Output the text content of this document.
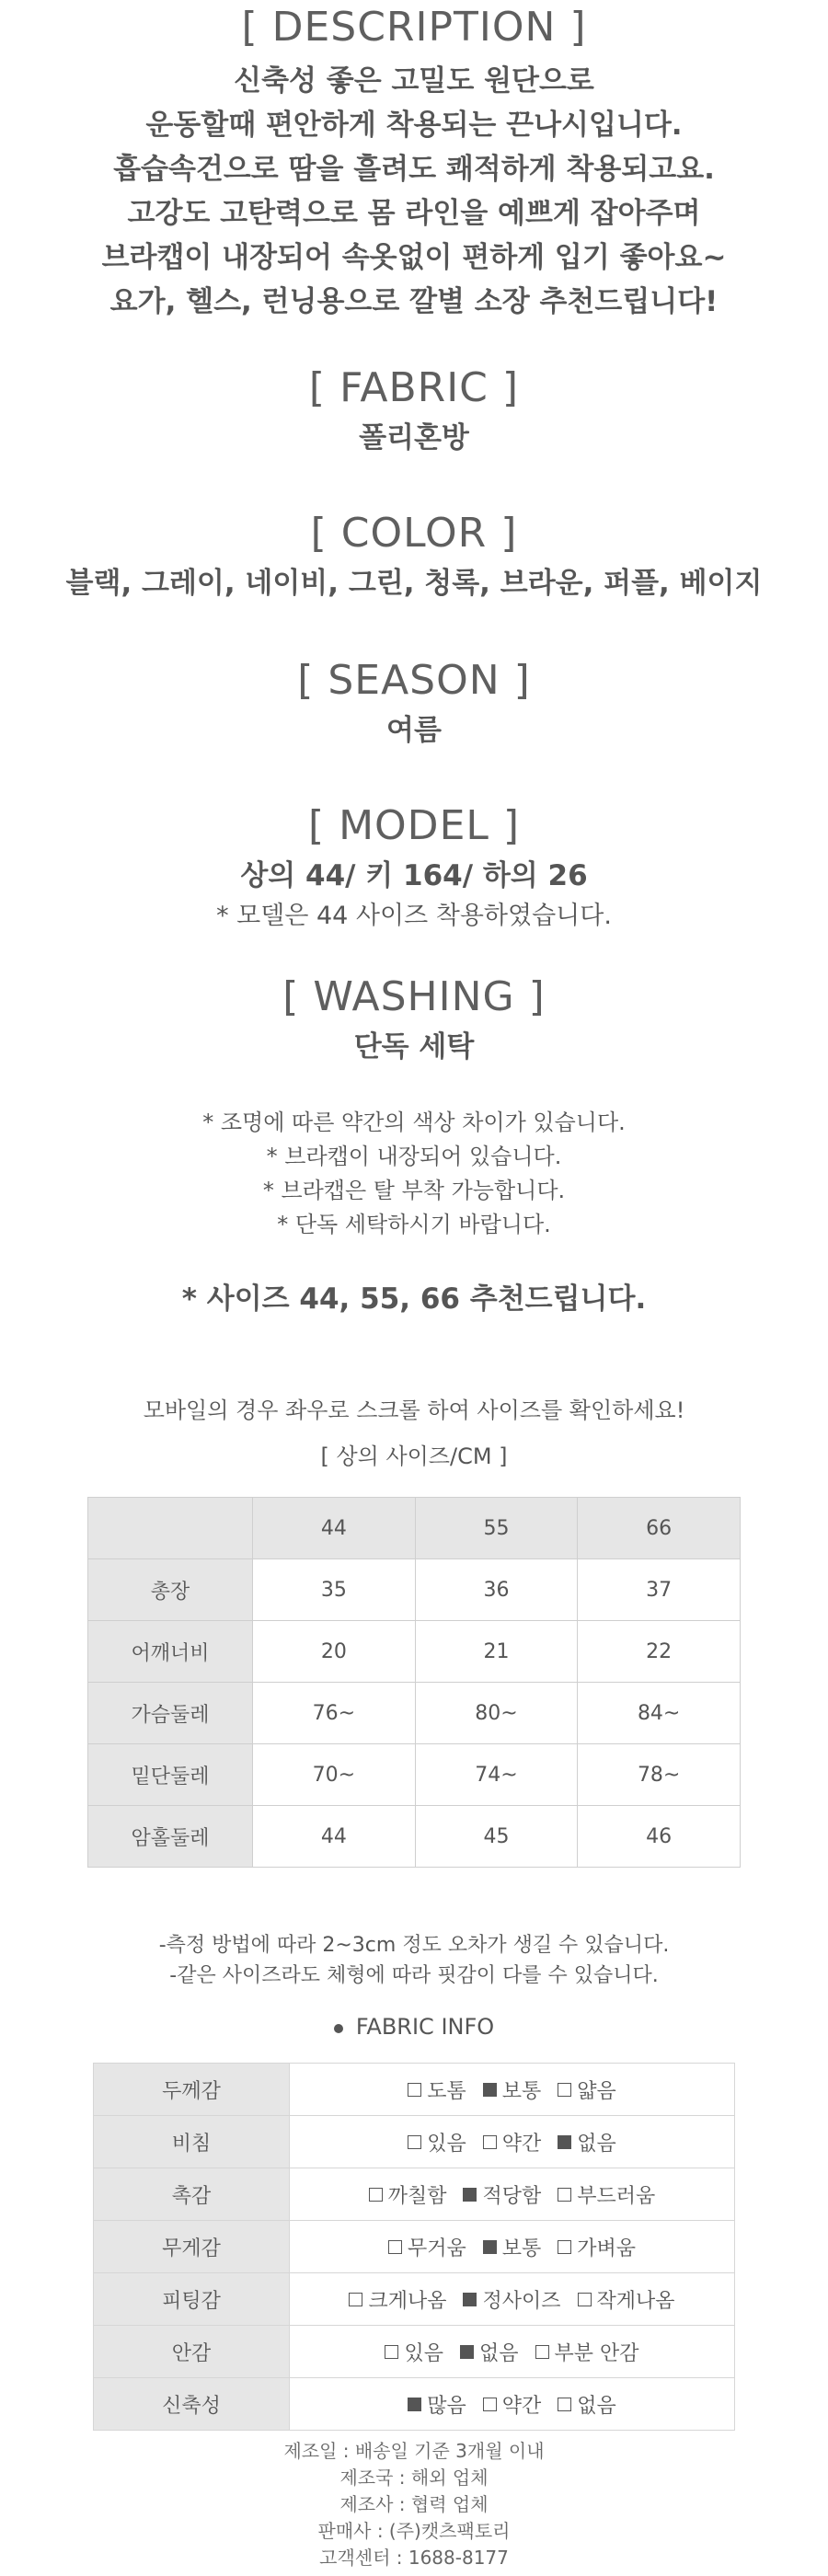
[ DESCRIPTION ]
신축성 좋은 고밀도 원단으로
운동할때 편안하게 착용되는 끈나시입니다.
흡습속건으로 땀을 흘려도 쾌적하게 착용되고요.
고강도 고탄력으로 몸 라인을 예쁘게 잡아주며
브라캡이 내장되어 속옷없이 편하게 입기 좋아요~
요가, 헬스, 런닝용으로 깔별 소장 추천드립니다!
[ FABRIC ]
폴리혼방
[ COLOR ]
블랙, 그레이, 네이비, 그린, 청록, 브라운, 퍼플, 베이지
[ SEASON ]
여름
[ MODEL ]
상의 44/ 키 164/ 하의 26
* 모델은 44 사이즈 착용하였습니다.
[ WASHING ]
단독 세탁
* 조명에 따른 약간의 색상 차이가 있습니다.
* 브라캡이 내장되어 있습니다.
* 브라캡은 탈 부착 가능합니다.
* 단독 세탁하시기 바랍니다.
* 사이즈 44, 55, 66 추천드립니다.
모바일의 경우 좌우로 스크롤 하여 사이즈를 확인하세요!
[ 상의 사이즈/CM ]
	44	55	66
총장	35	36	37
어깨너비	20	21	22
가슴둘레	76~	80~	84~
밑단둘레	70~	74~	78~
암홀둘레	44	45	46
-측정 방법에 따라 2~3cm 정도 오차가 생길 수 있습니다.
-같은 사이즈라도 체형에 따라 핏감이 다를 수 있습니다.
FABRIC INFO
두께감	도톰 보통 얇음
비침	있음 약간 없음
촉감	까칠함 적당함 부드러움
무게감	무거움 보통 가벼움
피팅감	크게나옴 정사이즈 작게나옴
안감	있음 없음 부분 안감
신축성	많음 약간 없음
제조일 : 배송일 기준 3개월 이내
제조국 : 해외 업체
제조사 : 협력 업체
판매사 : (주)캣츠팩토리
고객센터 : 1688-8177
